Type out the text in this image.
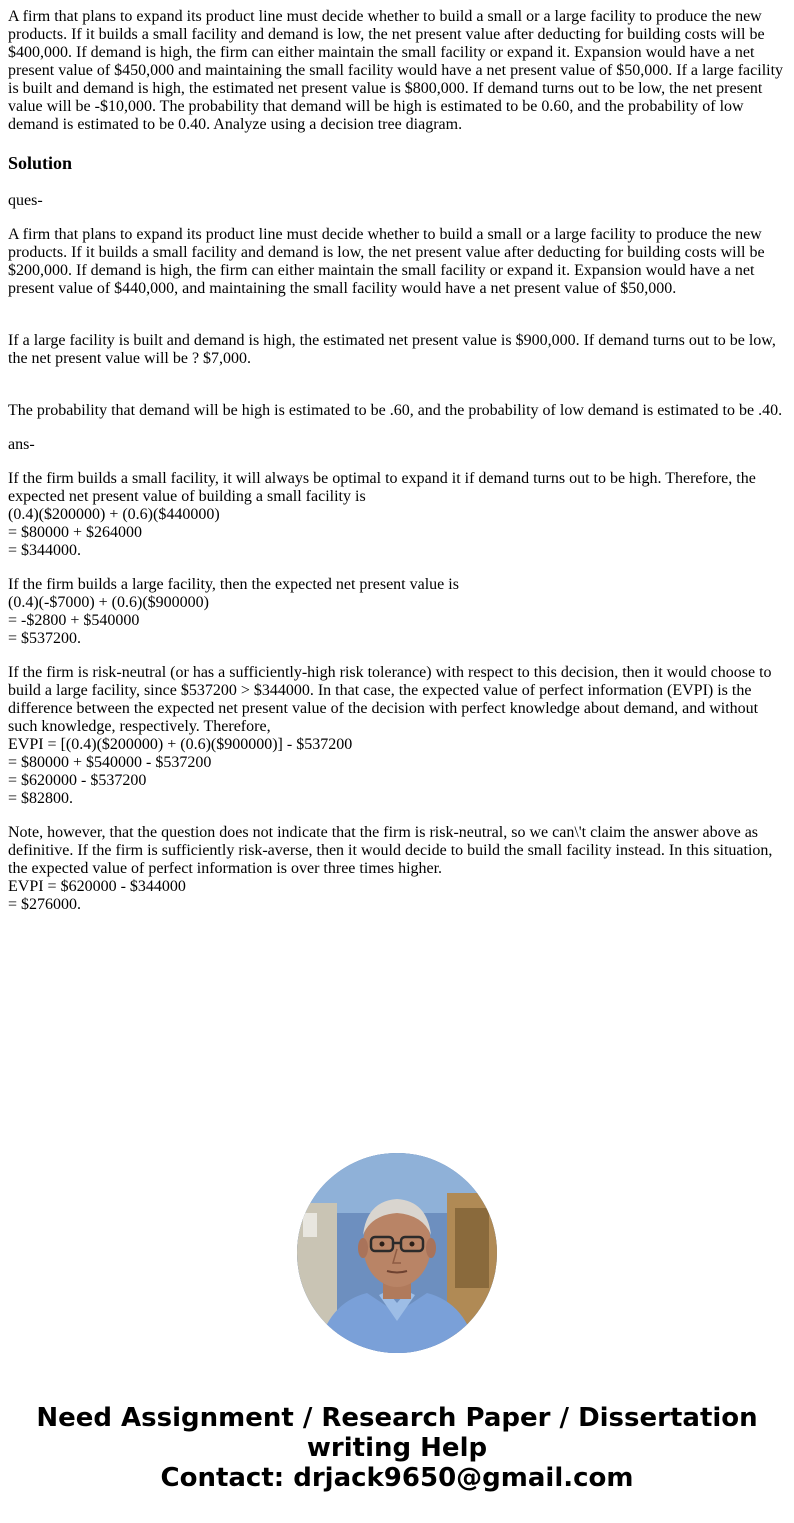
A firm that plans to expand its product line must decide whether to build a small or a large facility to produce the new products. If it builds a small facility and demand is low, the net present value after deducting for building costs will be $400,000. If demand is high, the firm can either maintain the small facility or expand it. Expansion would have a net present value of $450,000 and maintaining the small facility would have a net present value of $50,000. If a large facility is built and demand is high, the estimated net present value is $800,000. If demand turns out to be low, the net present value will be -$10,000. The probability that demand will be high is estimated to be 0.60, and the probability of low demand is estimated to be 0.40. Analyze using a decision tree diagram.
Solution

ques-

A firm that plans to expand its product line must decide whether to build a small or a large facility to produce the new products. If it builds a small facility and demand is low, the net present value after deducting for building costs will be $200,000. If demand is high, the firm can either maintain the small facility or expand it. Expansion would have a net present value of $440,000, and maintaining the small facility would have a net present value of $50,000.

If a large facility is built and demand is high, the estimated net present value is $900,000. If demand turns out to be low, the net present value will be ? $7,000.

The probability that demand will be high is estimated to be .60, and the probability of low demand is estimated to be .40.

ans-

If the firm builds a small facility, it will always be optimal to expand it if demand turns out to be high. Therefore, the expected net present value of building a small facility is
(0.4)($200000) + (0.6)($440000)
= $80000 + $264000
= $344000.

If the firm builds a large facility, then the expected net present value is
(0.4)(-$7000) + (0.6)($900000)
= -$2800 + $540000
= $537200.

If the firm is risk-neutral (or has a sufficiently-high risk tolerance) with respect to this decision, then it would choose to build a large facility, since $537200 > $344000. In that case, the expected value of perfect information (EVPI) is the difference between the expected net present value of the decision with perfect knowledge about demand, and without such knowledge, respectively. Therefore,
EVPI = [(0.4)($200000) + (0.6)($900000)] - $537200
= $80000 + $540000 - $537200
= $620000 - $537200
= $82800.

Note, however, that the question does not indicate that the firm is risk-neutral, so we can\'t claim the answer above as definitive. If the firm is sufficiently risk-averse, then it would decide to build the small facility instead. In this situation, the expected value of perfect information is over three times higher.
EVPI = $620000 - $344000
= $276000.

Need Assignment / Research Paper / Dissertation
writing Help
Contact: drjack9650@gmail.com
